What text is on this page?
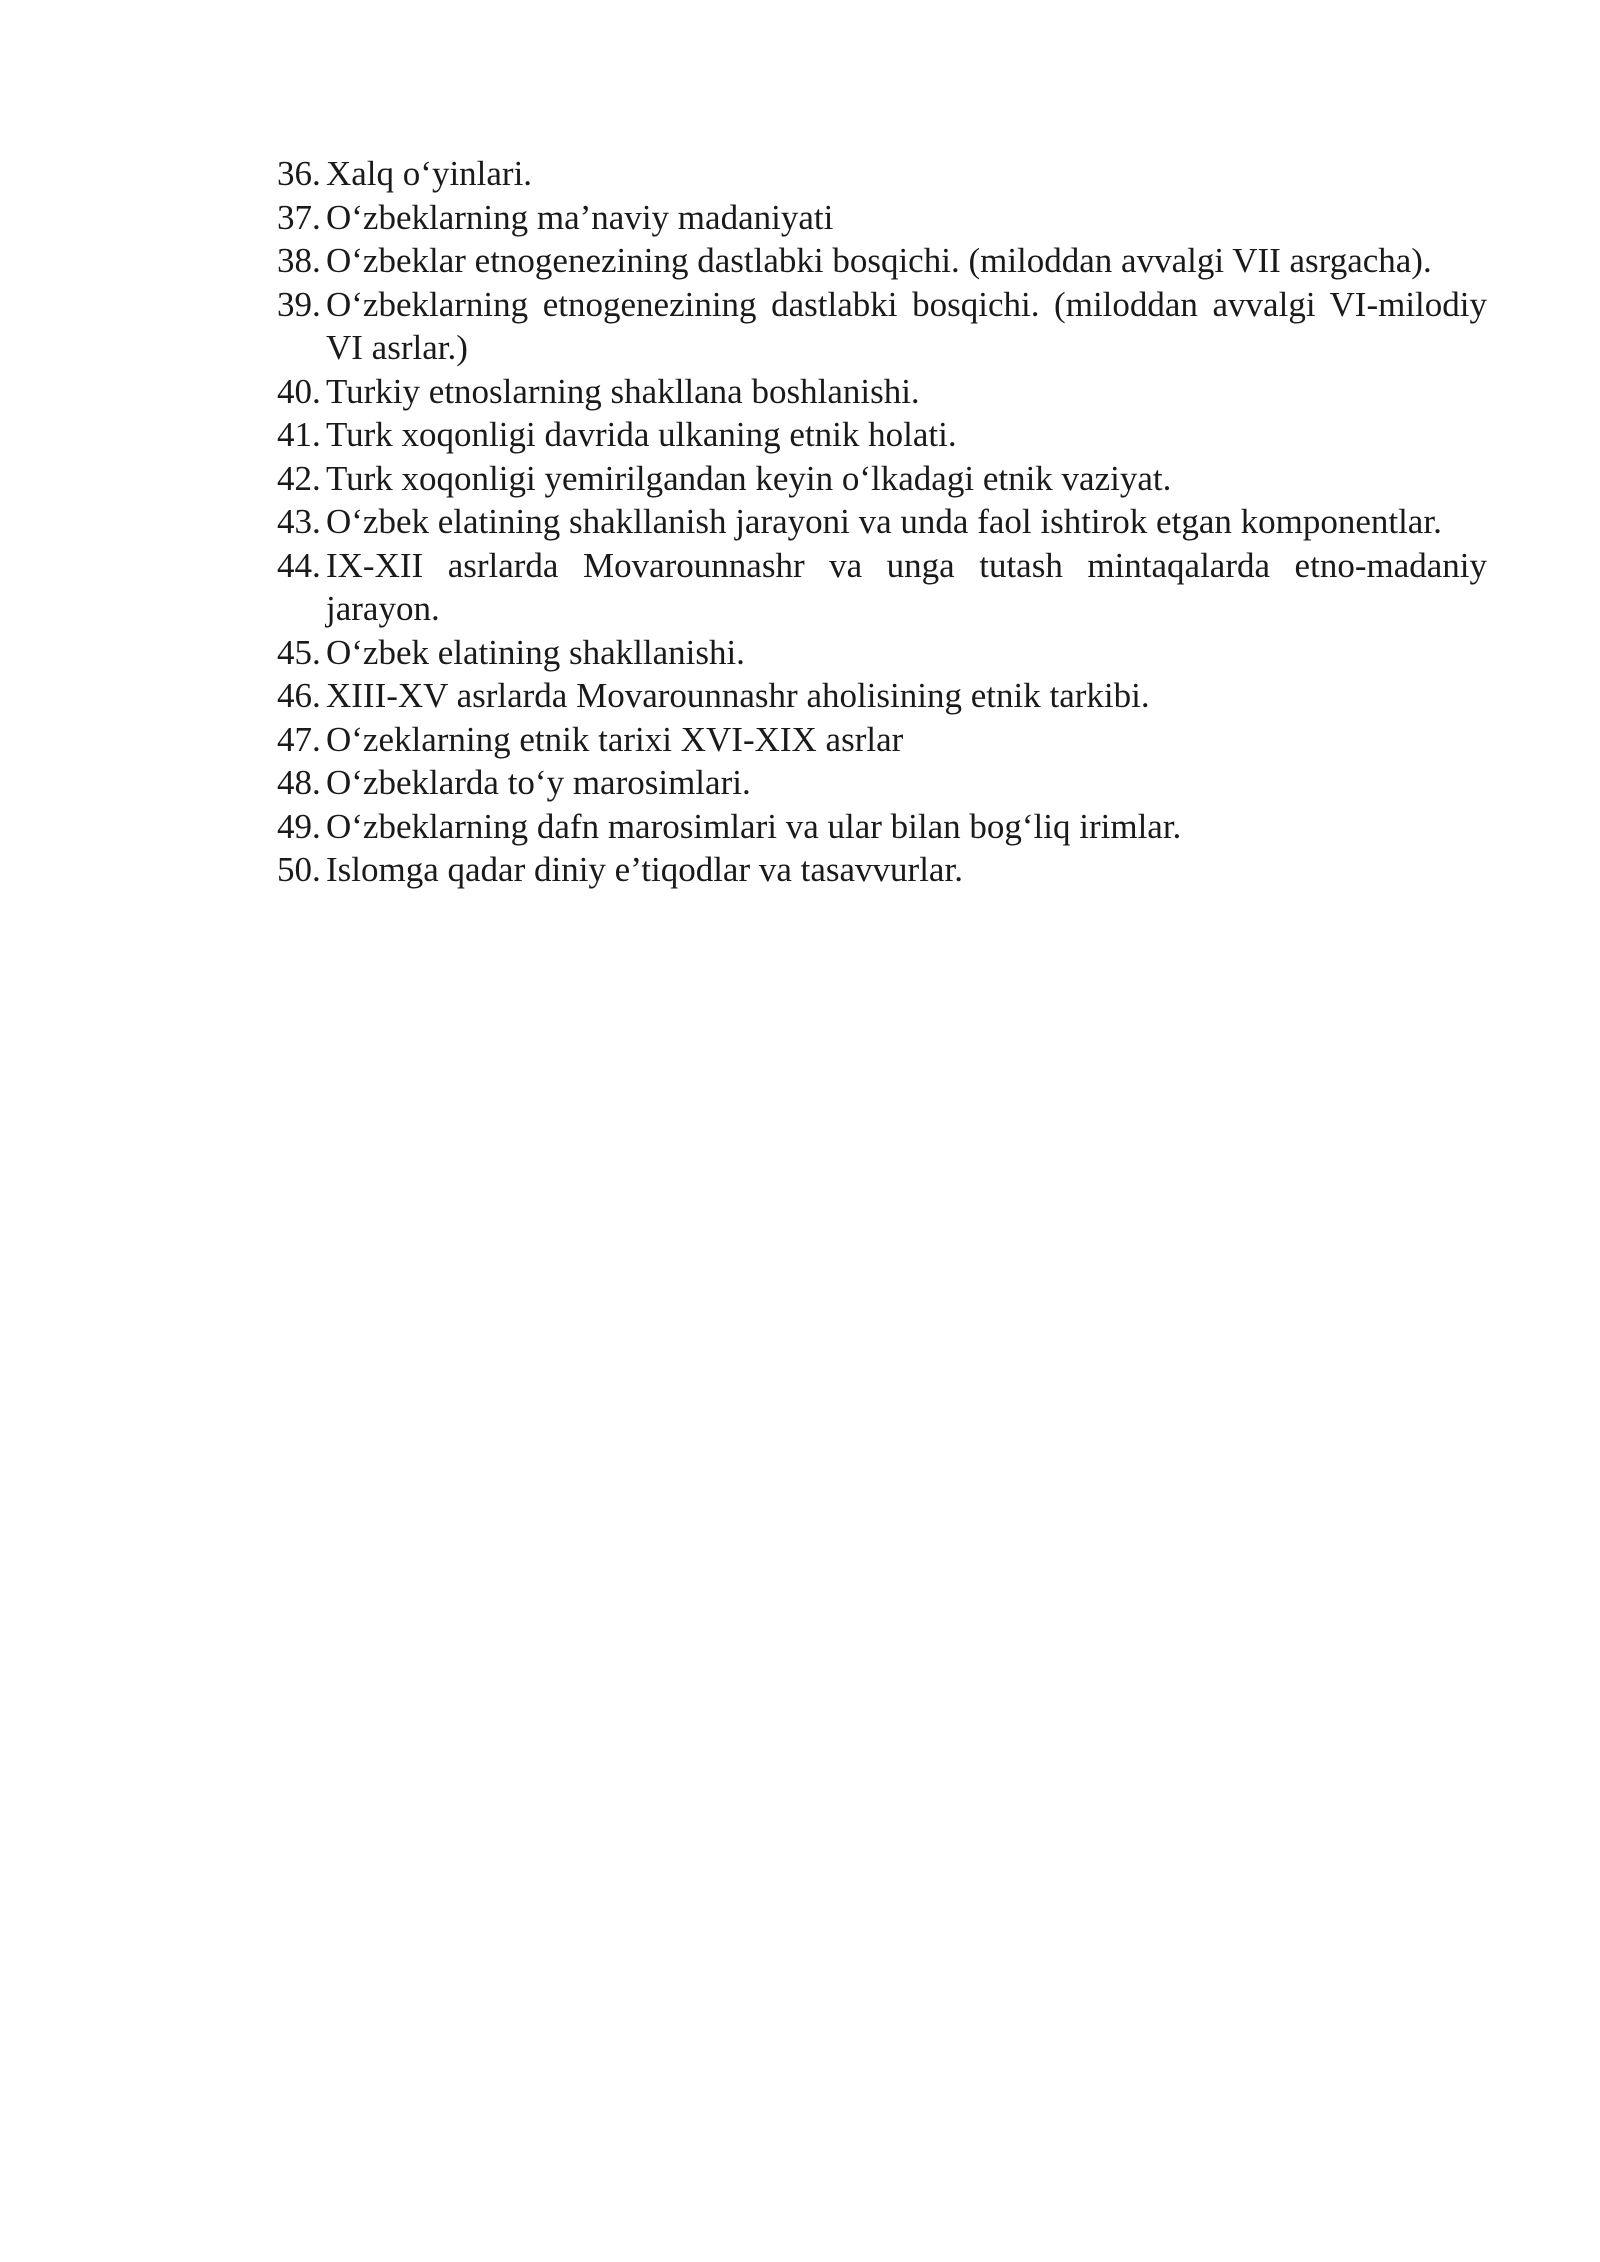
36. Xalq o‘yinlari.
37. O‘zbeklarning ma’naviy madaniyati
38. O‘zbeklar etnogenezining dastlabki bosqichi. (miloddan avvalgi VII asrgacha).
39. O‘zbeklarning etnogenezining dastlabki bosqichi. (miloddan avvalgi VI-milodiy VI asrlar.)
40. Turkiy etnoslarning shakllana boshlanishi.
41. Turk xoqonligi davrida ulkaning etnik holati.
42. Turk xoqonligi yemirilgandan keyin o‘lkadagi etnik vaziyat.
43. O‘zbek elatining shakllanish jarayoni va unda faol ishtirok etgan komponentlar.
44. IX-XII asrlarda Movarounnashr va unga tutash mintaqalarda etno-madaniy jarayon.
45. O‘zbek elatining shakllanishi.
46. XIII-XV asrlarda Movarounnashr aholisining etnik tarkibi.
47. O‘zeklarning etnik tarixi XVI-XIX asrlar
48. O‘zbeklarda to‘y marosimlari.
49. O‘zbeklarning dafn marosimlari va ular bilan bog‘liq irimlar.
50. Islomga qadar diniy e’tiqodlar va tasavvurlar.
